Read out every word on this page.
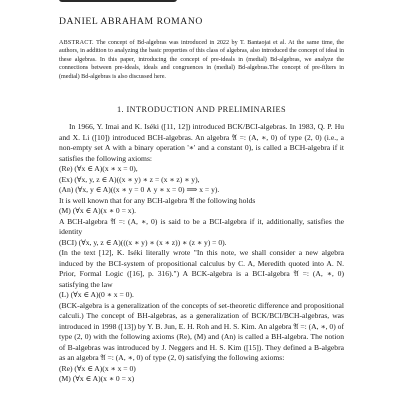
DANIEL ABRAHAM ROMANO

ABSTRACT. The concept of Bd-algebras was introduced in 2022 by T. Bantaojai et al. At the same time, the authors, in addition to analyzing the basic properties of this class of algebras, also introduced the concept of ideal in these algebras. In this paper, introducing the concept of pre-ideals in (medial) Bd-algebras, we analyze the connections between pre-ideals, ideals and congruences in (medial) Bd-algebras.The concept of pre-filters in (medial) Bd-algebras is also discussed here.

1. INTRODUCTION AND PRELIMINARIES

In 1966, Y. Imai and K. Iséki ([11, 12]) introduced BCK/BCI-algebras. In 1983, Q. P. Hu and X. Li ([10]) introduced BCH-algebras. An algebra 𝔄 =: (A, ∗, 0) of type (2, 0) (i.e., a non-empty set A with a binary operation '∗' and a constant 0), is called a BCH-algebra if it satisfies the following axioms:

(Re) (∀x ∈ A)(x ∗ x = 0),

(Ex) (∀x, y, z ∈ A)((x ∗ y) ∗ z = (x ∗ z) ∗ y),

(An) (∀x, y ∈ A)((x ∗ y = 0 ∧ y ∗ x = 0) ⟹ x = y).

It is well known that for any BCH-algebra 𝔄 the following holds

(M) (∀x ∈ A)(x ∗ 0 = x).

A BCH-algebra 𝔄 =: (A, ∗, 0) is said to be a BCI-algebra if it, additionally, satisfies the identity

(BCI) (∀x, y, z ∈ A)(((x ∗ y) ∗ (x ∗ z)) ∗ (z ∗ y) = 0).

(In the text [12], K. Iséki literally wrote "In this note, we shall consider a new algebra induced by the BCI-system of propositional calculus by C. A, Meredith quoted into A. N. Prior, Formal Logic ([16], p. 316).") A BCK-algebra is a BCI-algebra 𝔄 =: (A, ∗, 0) satisfying the law

(L) (∀x ∈ A)(0 ∗ x = 0).

(BCK-algebra is a generalization of the concepts of set-theoretic difference and propositional calculi.) The concept of BH-algebras, as a generalization of BCK/BCI/BCH-algebras, was introduced in 1998 ([13]) by Y. B. Jun, E. H. Roh and H. S. Kim. An algebra 𝔄 =: (A, ∗, 0) of type (2, 0) with the following axioms (Re), (M) and (An) is called a BH-algebra. The notion of B-algebras was introduced by J. Neggers and H. S. Kim ([15]). They defined a B-algebra as an algebra 𝔄 =: (A, ∗, 0) of type (2, 0) satisfying the following axioms:

(Re) (∀x ∈ A)(x ∗ x = 0)

(M) (∀x ∈ A)(x ∗ 0 = x)
